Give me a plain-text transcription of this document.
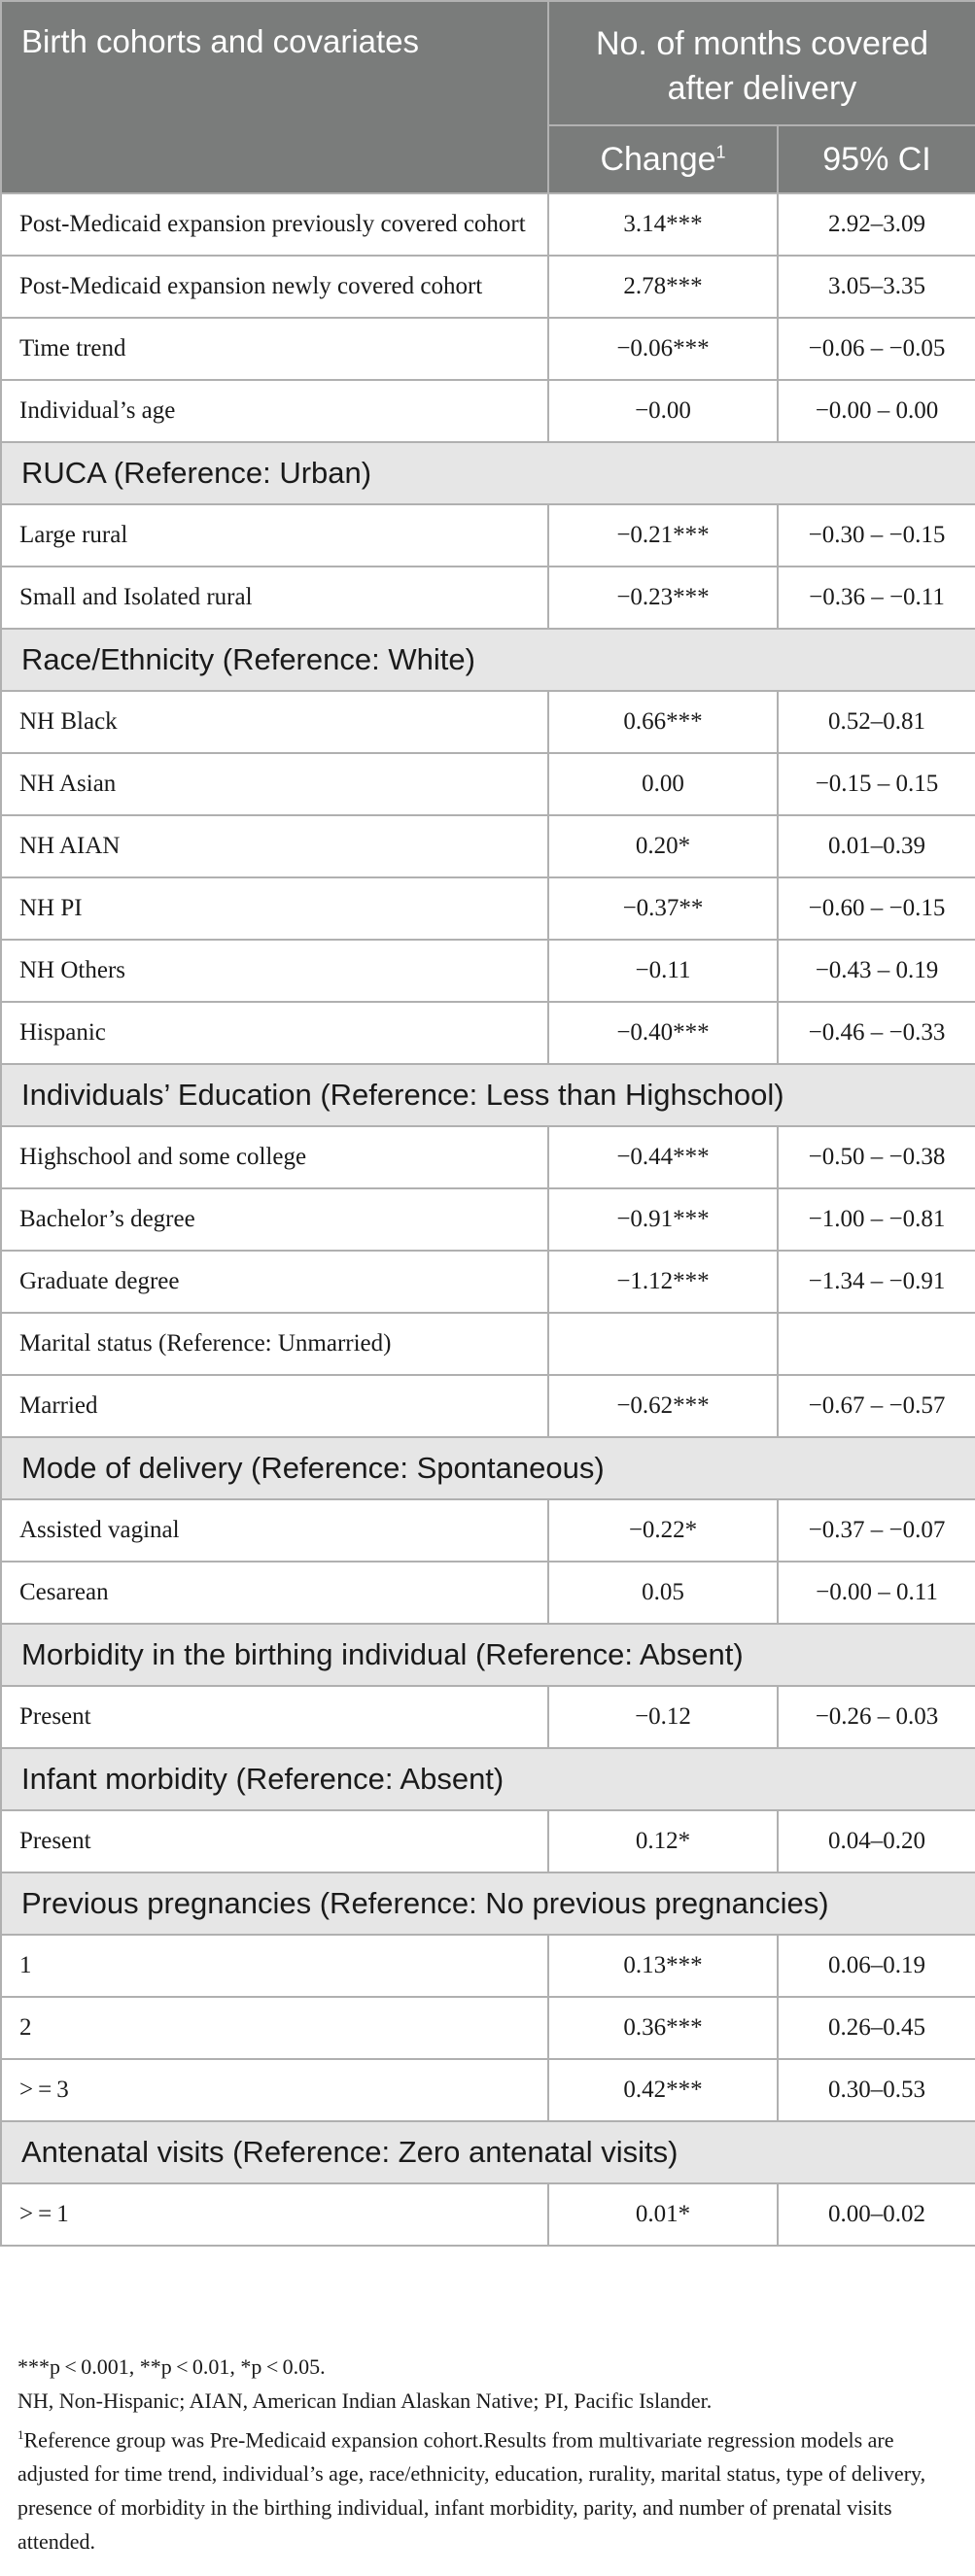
Birth cohorts and covariates	No. of months covered after delivery	
	Change$^1$	95% CI
Post-Medicaid expansion previously covered cohort	3.14***	2.92–3.09
Post-Medicaid expansion newly covered cohort	2.78***	3.05–3.35
Time trend	−0.06***	−0.06 – −0.05
Individual’s age	−0.00	−0.00 – 0.00
RUCA (Reference: Urban)		
Large rural	−0.21***	−0.30 – −0.15
Small and Isolated rural	−0.23***	−0.36 – −0.11
Race/Ethnicity (Reference: White)		
NH Black	0.66***	0.52–0.81
NH Asian	0.00	−0.15 – 0.15
NH AIAN	0.20*	0.01–0.39
NH PI	−0.37**	−0.60 – −0.15
NH Others	−0.11	−0.43 – 0.19
Hispanic	−0.40***	−0.46 – −0.33
Individuals’ Education (Reference: Less than Highschool)		
Highschool and some college	−0.44***	−0.50 – −0.38
Bachelor’s degree	−0.91***	−1.00 – −0.81
Graduate degree	−1.12***	−1.34 – −0.91
Marital status (Reference: Unmarried)		
Married	−0.62***	−0.67 – −0.57
Mode of delivery (Reference: Spontaneous)		
Assisted vaginal	−0.22*	−0.37 – −0.07
Cesarean	0.05	−0.00 – 0.11
Morbidity in the birthing individual (Reference: Absent)		
Present	−0.12	−0.26 – 0.03
Infant morbidity (Reference: Absent)		
Present	0.12*	0.04–0.20
Previous pregnancies (Reference: No previous pregnancies)		
1	0.13***	0.06–0.19
2	0.36***	0.26–0.45
> = 3	0.42***	0.30–0.53
Antenatal visits (Reference: Zero antenatal visits)		
> = 1	0.01*	0.00–0.02

***p < 0.001, **p < 0.01, *p < 0.05.

NH, Non-Hispanic; AIAN, American Indian Alaskan Native; PI, Pacific Islander.

$^1$Reference group was Pre-Medicaid expansion cohort.Results from multivariate regression models are adjusted for time trend, individual’s age, race/ethnicity, education, rurality, marital status, type of delivery, presence of morbidity in the birthing individual, infant morbidity, parity, and number of prenatal visits attended.
